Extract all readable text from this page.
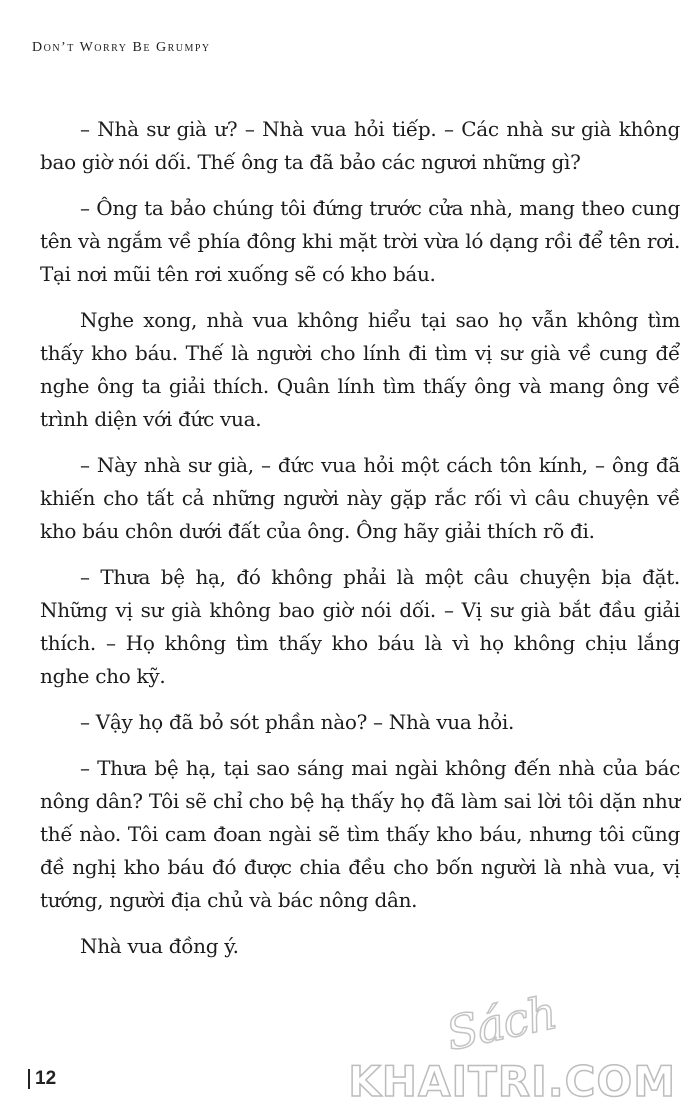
Don’t Worry Be Grumpy

– Nhà sư già ư? – Nhà vua hỏi tiếp. – Các nhà sư già không bao giờ nói dối. Thế ông ta đã bảo các ngươi những gì?

– Ông ta bảo chúng tôi đứng trước cửa nhà, mang theo cung tên và ngắm về phía đông khi mặt trời vừa ló dạng rồi để tên rơi. Tại nơi mũi tên rơi xuống sẽ có kho báu.

Nghe xong, nhà vua không hiểu tại sao họ vẫn không tìm thấy kho báu. Thế là người cho lính đi tìm vị sư già về cung để nghe ông ta giải thích. Quân lính tìm thấy ông và mang ông về trình diện với đức vua.

– Này nhà sư già, – đức vua hỏi một cách tôn kính, – ông đã khiến cho tất cả những người này gặp rắc rối vì câu chuyện về kho báu chôn dưới đất của ông. Ông hãy giải thích rõ đi.

– Thưa bệ hạ, đó không phải là một câu chuyện bịa đặt. Những vị sư già không bao giờ nói dối. – Vị sư già bắt đầu giải thích. – Họ không tìm thấy kho báu là vì họ không chịu lắng nghe cho kỹ.

– Vậy họ đã bỏ sót phần nào? – Nhà vua hỏi.

– Thưa bệ hạ, tại sao sáng mai ngài không đến nhà của bác nông dân? Tôi sẽ chỉ cho bệ hạ thấy họ đã làm sai lời tôi dặn như thế nào. Tôi cam đoan ngài sẽ tìm thấy kho báu, nhưng tôi cũng đề nghị kho báu đó được chia đều cho bốn người là nhà vua, vị tướng, người địa chủ và bác nông dân.

Nhà vua đồng ý.

12
Sách
KHAITRI.COM
